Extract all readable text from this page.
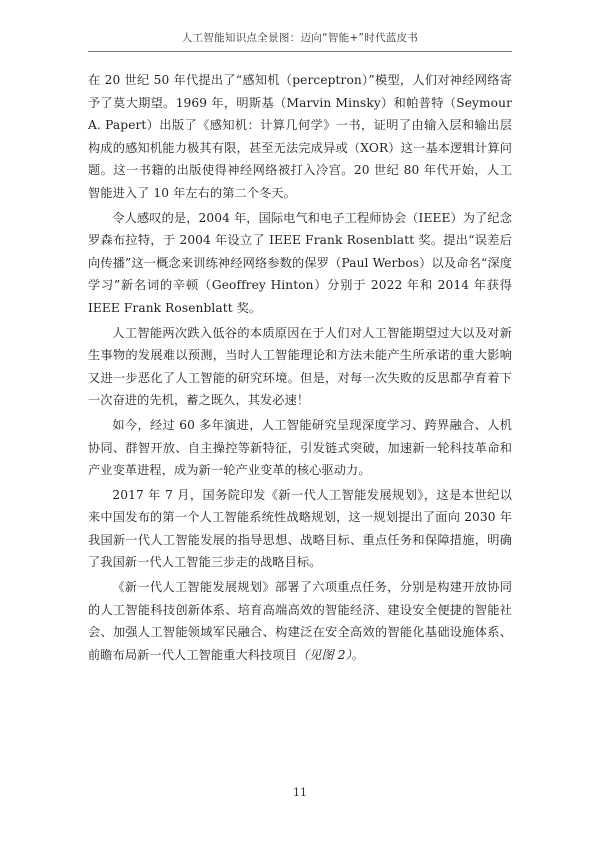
人工智能知识点全景图：迈向“智能+”时代蓝皮书

在 20 世纪 50 年代提出了“感知机（perceptron）”模型，人们对神经网络寄予了莫大期望。1969 年，明斯基（Marvin Minsky）和帕普特（Seymour A. Papert）出版了《感知机：计算几何学》一书，证明了由输入层和输出层构成的感知机能力极其有限，甚至无法完成异或（XOR）这一基本逻辑计算问题。这一书籍的出版使得神经网络被打入冷宫。20 世纪 80 年代开始，人工智能进入了 10 年左右的第二个冬天。

令人感叹的是，2004 年，国际电气和电子工程师协会（IEEE）为了纪念罗森布拉特，于 2004 年设立了 IEEE Frank Rosenblatt 奖。提出“误差后向传播”这一概念来训练神经网络参数的保罗（Paul Werbos）以及命名“深度学习”新名词的辛顿（Geoffrey Hinton）分别于 2022 年和 2014 年获得 IEEE Frank Rosenblatt 奖。

人工智能两次跌入低谷的本质原因在于人们对人工智能期望过大以及对新生事物的发展难以预测，当时人工智能理论和方法未能产生所承诺的重大影响又进一步恶化了人工智能的研究环境。但是，对每一次失败的反思都孕育着下一次奋进的先机，蓄之既久，其发必速！

如今，经过 60 多年演进，人工智能研究呈现深度学习、跨界融合、人机协同、群智开放、自主操控等新特征，引发链式突破，加速新一轮科技革命和产业变革进程，成为新一轮产业变革的核心驱动力。

2017 年 7 月，国务院印发《新一代人工智能发展规划》，这是本世纪以来中国发布的第一个人工智能系统性战略规划，这一规划提出了面向 2030 年我国新一代人工智能发展的指导思想、战略目标、重点任务和保障措施，明确了我国新一代人工智能三步走的战略目标。

《新一代人工智能发展规划》部署了六项重点任务，分别是构建开放协同的人工智能科技创新体系、培育高端高效的智能经济、建设安全便捷的智能社会、加强人工智能领域军民融合、构建泛在安全高效的智能化基础设施体系、前瞻布局新一代人工智能重大科技项目（见图 2）。

11
